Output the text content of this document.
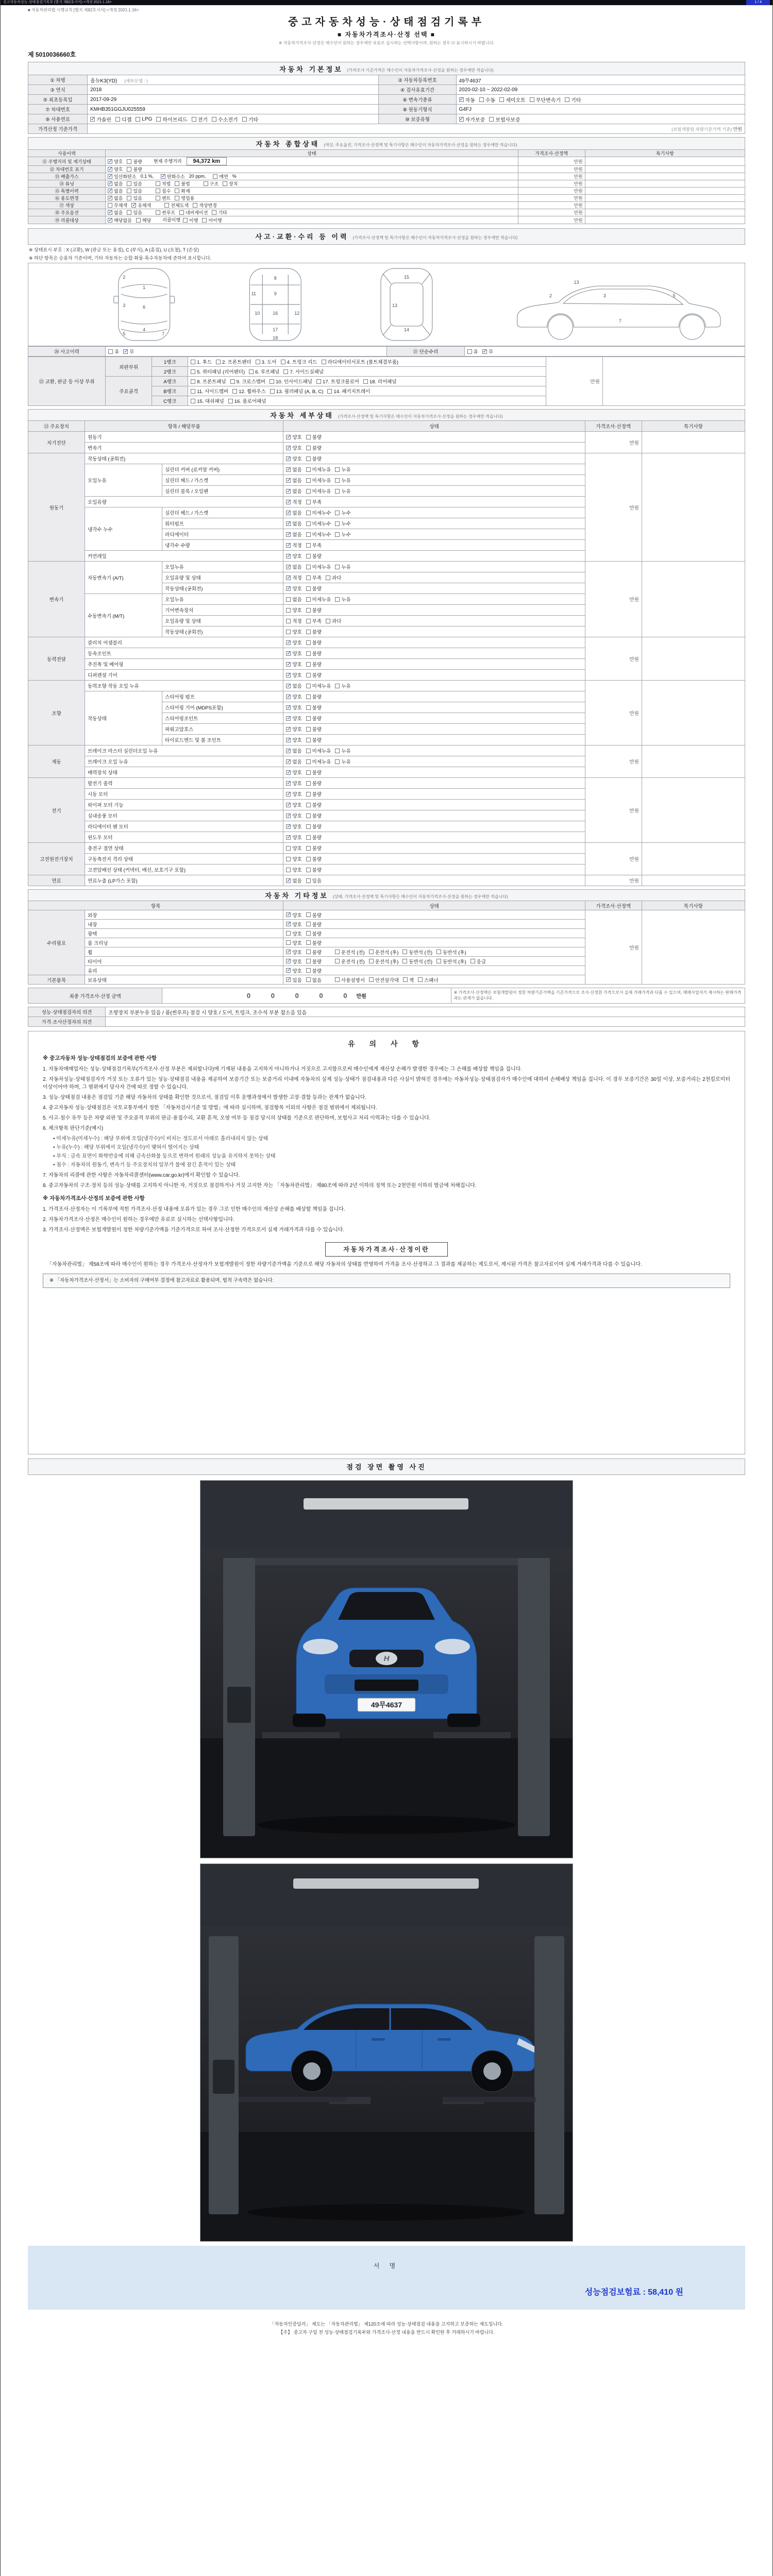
중고자동차성능·상태점검기록부 (별지 제82호서식) <개정 2021.1.16>	1 / 4
■ 자동차관리법 시행규칙 [별지 제82호서식] <개정 2021.1.16>
중고자동차성능·상태점검기록부
■ 자동차가격조사·산정 선택 ■
※ 자동차가격조사·산정은 매수인이 원하는 경우에만 유료로 실시하는 선택사항이며, 원하는 경우 ☑ 표시하시기 바랍니다.
제 5010036660호
자동차 기본정보 (가격조사 기준가격은 매수인이 자동차가격조사·산정을 원하는 경우에만 적습니다)			
① 차명	올뉴K3(YD) (세부모델 : )	② 자동차등록번호	49무4637
③ 연식	2018	④ 검사유효기간	2020-02-10 ~ 2022-02-09
⑤ 최초등록일	2017-09-29	⑥ 변속기종류	✓ 자동 수동 세미오토 무단변속기 기타

⑦ 차대번호	KMHB351GGJU025559	⑧ 원동기형식	G4FJ
⑨ 사용연료	✓ 가솔린 디젤 LPG 하이브리드 전기 수소전기 기타	⑩ 보증유형	✓ 자가보증 보험사보증

가격산정 기준가격	(보험개발원 차량기준가액 기준) 만원		
자동차 종합상태 (색상, 주요옵션, 가격조사·산정액 및 특기사항은 매수인이 자동차가격조사·산정을 원하는 경우에만 적습니다)			
사용이력	상태	가격조사·산정액	특기사항
⑪ 주행거리 및 계기상태	✓ 양호 불량 현재 주행거리 94,372 km	만원	
⑫ 차대번호 표기	✓ 양호 불량	만원	
⑬ 배출가스	✓ 일산화탄소 0.1 %, ✓ 탄화수소 20 ppm,	매연 %	만원	
⑭ 튜닝	✓ 없음 있음	적법 불법	구조 장치	만원	
⑮ 특별이력	✓ 없음 있음 침수 화재	만원	
⑯ 용도변경	✓ 없음 있음 렌트 영업용	만원	
⑰ 색상	무채색 ✓ 유채색 전체도색 색상변경	만원	
⑱ 주요옵션	✓ 없음 있음	썬루프 네비게이션 기타	만원	
⑲ 리콜대상	✓ 해당없음 해당 리콜이행 이행 미이행	만원	
사고·교환·수리 등 이력 (가격조사·산정액 및 특기사항은 매수인이 자동차가격조사·산정을 원하는 경우에만 적습니다)
※ 상태표시 부호 : X (교환), W (판금 또는 용접), C (부식), A (흠집), U (요철), T (손상)
※ 하단 항목은 승용차 기준이며, 기타 자동차는 승합·화물·특수자동차에 준하여 표시합니다.
1
6
4
2
3
5	7
8
9
10
11
12
16
17
18
15
13
14
2	3	5
7
13
⑳ 사고이력	유 ✓ 무	㉑ 단순수리	유 ✓ 무
㉒ 교환, 판금 등 이상 부위	외판부위	1랭크	1. 후드 2. 프론트펜더 3. 도어 4. 트렁크 리드 라디에이터서포트 (볼트체결부품)	만원	
		2랭크	5. 쿼터패널 (리어펜더) 6. 루프패널 7. 사이드실패널		

	주요골격	A랭크	8. 프론트패널 9. 크로스멤버 10. 인사이드패널 17. 트렁크플로어 18. 리어패널		

		B랭크	11. 사이드멤버 12. 휠하우스 13. 필러패널 (A, B, C) 14. 패키지트레이		

		C랭크	15. 대쉬패널 16. 플로어패널		
자동차 세부상태 (가격조사·산정액 및 특기사항은 매수인이 자동차가격조사·산정을 원하는 경우에만 적습니다)					
㉓ 주요장치	항목 / 해당부품		상태	가격조사·산정액	특기사항
자기진단	원동기		✓ 양호 불량	만원	
	변속기		✓ 양호 불량		

원동기	작동상태 (공회전)		✓ 양호 불량	만원	
	오일누유	실린더 커버 (로커암 커버)	✓ 없음 미세누유 누유		

		실린더 헤드 / 가스켓	✓ 없음 미세누유 누유		

		실린더 블록 / 오일팬	✓ 없음 미세누유 누유		

	오일유량		✓ 적정 부족		

	냉각수 누수	실린더 헤드 / 가스켓	✓ 없음 미세누수 누수		

		워터펌프	✓ 없음 미세누수 누수		

		라디에이터	✓ 없음 미세누수 누수		

		냉각수 수량	✓ 적정 부족		

	커먼레일		✓ 양호 불량		

변속기	자동변속기 (A/T)	오일누유	✓ 없음 미세누유 누유	만원	
		오일유량 및 상태	✓ 적정 부족 과다		

		작동상태 (공회전)	✓ 양호 불량		

	수동변속기 (M/T)	오일누유	없음 미세누유 누유		

		기어변속장치	양호 불량		

		오일유량 및 상태	적정 부족 과다		

		작동상태 (공회전)	양호 불량		

동력전달	클러치 어셈블리		✓ 양호 불량	만원	
	등속조인트		✓ 양호 불량		

	추진축 및 베어링		✓ 양호 불량		

	디퍼렌셜 기어		✓ 양호 불량		

조향	동력조향 작동 오일 누유		✓ 없음 미세누유 누유	만원	
	작동상태	스티어링 펌프	✓ 양호 불량		

		스티어링 기어 (MDPS포함)	✓ 양호 불량		

		스티어링조인트	✓ 양호 불량		

		파워고압호스	✓ 양호 불량		

		타이로드엔드 및 볼 조인트	✓ 양호 불량		

제동	브레이크 마스터 실린더오일 누유		✓ 없음 미세누유 누유	만원	
	브레이크 오일 누유		✓ 없음 미세누유 누유		

	배력장치 상태		✓ 양호 불량		

전기	발전기 출력		✓ 양호 불량	만원	
	시동 모터		✓ 양호 불량		

	와이퍼 모터 기능		✓ 양호 불량		

	실내송풍 모터		✓ 양호 불량		

	라디에이터 팬 모터		✓ 양호 불량		

	윈도우 모터		✓ 양호 불량		

고전원전기장치	충전구 절연 상태		양호 불량	만원	
	구동축전지 격리 상태		양호 불량		

	고전압배선 상태 (커넥터, 배선, 보호기구 포함)		양호 불량		

연료	연료누출 (LP가스 포함)		✓ 없음 있음	만원	
자동차 기타정보 (상태, 가격조사·산정액 및 특기사항은 매수인이 자동차가격조사·산정을 원하는 경우에만 적습니다)				
항목		상태	가격조사·산정액	특기사항
수리필요	외장	✓ 양호 불량	만원	
	내장	✓ 양호 불량		

	광택	양호 불량		

	룸 크리닝	양호 불량		

휠	✓ 양호 불량	운전석 (전) 운전석 (후) 동반석 (전) 동반석 (후)

타이어	✓ 양호 불량	운전석 (전) 운전석 (후) 동반석 (전) 동반석 (후) 응급

	유리	✓ 양호 불량		

기본품목	보유상태	✓ 있음 없음	사용설명서 안전삼각대 잭 스패너
최종 가격조사·산정 금액	0 0 0 0 0만원	※ 가격조사·산정액은 보험개발원이 정한 차량기준가액을 기준가격으로 조사·산정한 가격으로서 실제 거래가격과 다를 수 있으며, 매매사업자가 제시하는 판매가격과는 관계가 없습니다.
성능·상태점검자의 의견	조향장치 부분누유 있음 / 룸(썬루프) 점검 시 양호 / 도어, 트렁크, 조수석 부분 잡소음 있음
가격·조사산정자의 의견	
유 의 사 항
※ 중고자동차 성능·상태점검의 보증에 관한 사항
1. 자동차매매업자는 성능·상태점검기록부(가격조사·산정 부분은 제외합니다)에 기재된 내용을 고지하지 아니하거나 거짓으로 고지함으로써 매수인에게 재산상 손해가 발생한 경우에는 그 손해를 배상할 책임을 집니다.
2. 자동차성능·상태점검자가 거짓 또는 오류가 있는 성능·상태점검 내용을 제공하여 보증기간 또는 보증거리 이내에 자동차의 실제 성능·상태가 점검내용과 다른 사실이 밝혀진 경우에는 자동차성능·상태점검자가 매수인에 대하여 손해배상 책임을 집니다. 이 경우 보증기간은 30일 이상, 보증거리는 2천킬로미터 이상이어야 하며, 그 범위에서 당사자 간에 따로 정할 수 있습니다.
3. 성능·상태점검 내용은 점검일 기준 해당 자동차의 상태를 확인한 것으로서, 점검일 이후 운행과정에서 발생한 고장·결함 등과는 관계가 없습니다.
4. 중고자동차 성능·상태점검은 국토교통부에서 정한 「자동차검사기준 및 방법」에 따라 실시하며, 점검항목 이외의 사항은 점검 범위에서 제외됩니다.
5. 사고·침수 유무 등은 차량 외판 및 주요골격 부위의 판금·용접수리, 교환 흔적, 오염 여부 등 점검 당시의 상태를 기준으로 판단하며, 보험사고 처리 이력과는 다를 수 있습니다.
6. 체크항목 판단기준(예시)
• 미세누유(미세누수) : 해당 부위에 오일(냉각수)이 비치는 정도로서 아래로 흘러내리지 않는 상태
• 누유(누수) : 해당 부위에서 오일(냉각수)이 맺혀서 떨어지는 상태
• 부식 : 금속 표면이 화학반응에 의해 금속산화물 등으로 변하여 원래의 성능을 유지하지 못하는 상태
• 침수 : 자동차의 원동기, 변속기 등 주요장치의 일부가 물에 잠긴 흔적이 있는 상태
7. 자동차의 리콜에 관한 사항은 자동차리콜센터(www.car.go.kr)에서 확인할 수 있습니다.
8. 중고자동차의 구조·장치 등의 성능·상태를 고지하지 아니한 자, 거짓으로 점검하거나 거짓 고지한 자는 「자동차관리법」 제80조에 따라 2년 이하의 징역 또는 2천만원 이하의 벌금에 처해집니다.
※ 자동차가격조사·산정의 보증에 관한 사항
1. 가격조사·산정자는 이 기록부에 적힌 가격조사·산정 내용에 오류가 있는 경우 그로 인한 매수인의 재산상 손해를 배상할 책임을 집니다.
2. 자동차가격조사·산정은 매수인이 원하는 경우에만 유료로 실시하는 선택사항입니다.
3. 가격조사·산정액은 보험개발원이 정한 차량기준가액을 기준가격으로 하여 조사·산정한 가격으로서 실제 거래가격과 다를 수 있습니다.
자동차가격조사·산정이란
「자동차관리법」 제58조에 따라 매수인이 원하는 경우 가격조사·산정자가 보험개발원이 정한 차량기준가액을 기준으로 해당 자동차의 상태를 반영하여 가격을 조사·산정하고 그 결과를 제공하는 제도로서, 제시된 가격은 참고자료이며 실제 거래가격과 다를 수 있습니다.
※ 「자동차가격조사·산정서」는 소비자의 구매여부 결정에 참고자료로 활용되며, 법적 구속력은 없습니다.
점검 장면 촬영 사진
H
49무4637
서 명
성능점검보험료 : 58,410 원
「자동차인증딜러」 제도는 「자동차관리법」 제120조에 따라 성능·상태점검 내용을 고지하고 보증하는 제도입니다.
【주】 중고차 구입 전 성능·상태점검기록부와 가격조사·산정 내용을 반드시 확인한 후 거래하시기 바랍니다.
